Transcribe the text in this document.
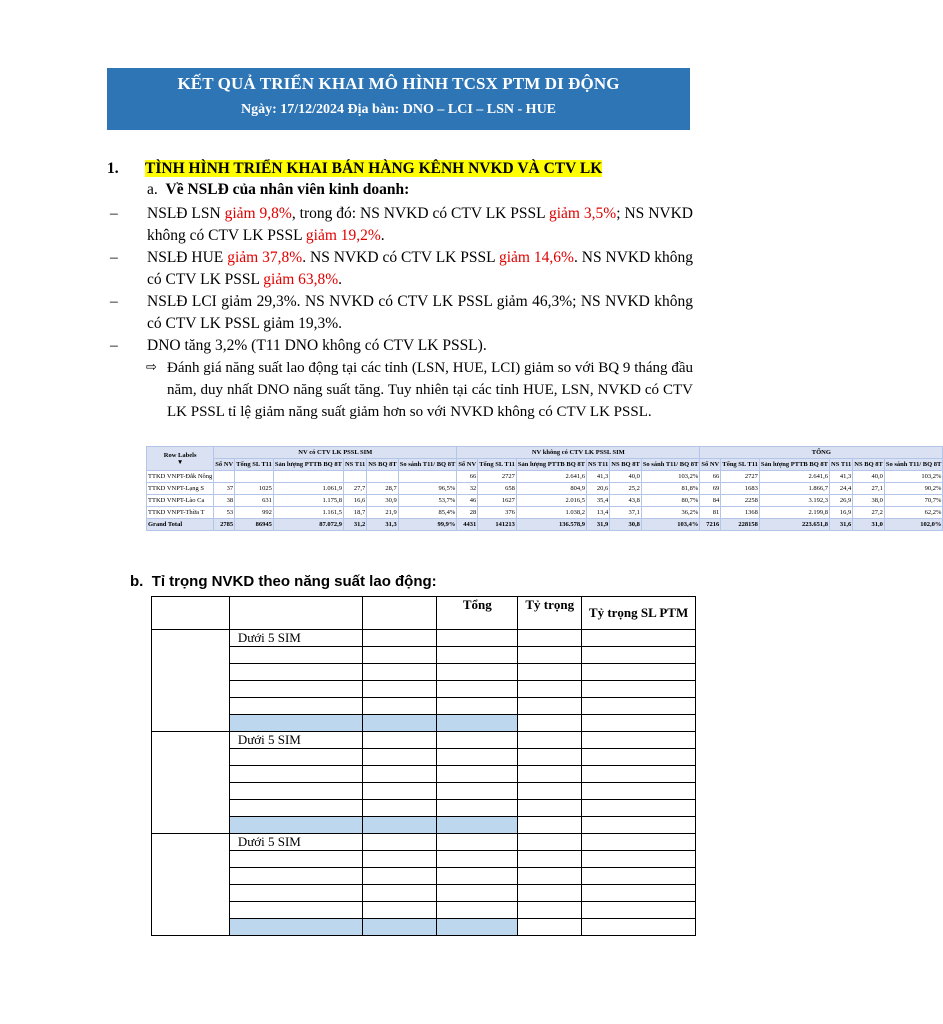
KẾT QUẢ TRIỂN KHAI MÔ HÌNH TCSX PTM DI ĐỘNG
Ngày: 17/12/2024 Địa bàn: DNO – LCI – LSN - HUE
1. TÌNH HÌNH TRIỂN KHAI BÁN HÀNG KÊNH NVKD VÀ CTV LK
a. Về NSLĐ của nhân viên kinh doanh:
– NSLĐ LSN giảm 9,8%, trong đó: NS NVKD có CTV LK PSSL giảm 3,5%; NS NVKD không có CTV LK PSSL giảm 19,2%.
– NSLĐ HUE giảm 37,8%. NS NVKD có CTV LK PSSL giảm 14,6%. NS NVKD không có CTV LK PSSL giảm 63,8%.
– NSLĐ LCI giảm 29,3%. NS NVKD có CTV LK PSSL giảm 46,3%; NS NVKD không có CTV LK PSSL giảm 19,3%.
– DNO tăng 3,2% (T11 DNO không có CTV LK PSSL).
⇨ Đánh giá năng suất lao động tại các tỉnh (LSN, HUE, LCI) giảm so với BQ 9 tháng đầu năm, duy nhất DNO năng suất tăng. Tuy nhiên tại các tỉnh HUE, LSN, NVKD có CTV LK PSSL tỉ lệ giảm năng suất giảm hơn so với NVKD không có CTV LK PSSL.
Row Labels
▼	NV có CTV LK PSSL SIM						NV không có CTV LK PSSL SIM						TỔNG					
	Số NV	Tổng SL T11	Sản lượng PTTB BQ 8T	NS T11	NS BQ 8T	So sánh T11/ BQ 8T	Số NV	Tổng SL T11	Sản lượng PTTB BQ 8T	NS T11	NS BQ 8T	So sánh T11/ BQ 8T	Số NV	Tổng SL T11	Sản lượng PTTB BQ 8T	NS T11	NS BQ 8T	So sánh T11/ BQ 8T
TTKD VNPT-Đắk Nông							66	2727	2.641,6	41,3	40,0	103,2%	66	2727	2.641,6	41,3	40,0	103,2%
TTKD VNPT-Lạng S	37	1025	1.061,9	27,7	28,7	96,5%	32	658	804,9	20,6	25,2	81,8%	69	1683	1.866,7	24,4	27,1	90,2%
TTKD VNPT-Lào Ca	38	631	1.175,8	16,6	30,9	53,7%	46	1627	2.016,5	35,4	43,8	80,7%	84	2258	3.192,3	26,9	38,0	70,7%
TTKD VNPT-Thừa T	53	992	1.161,5	18,7	21,9	85,4%	28	376	1.038,2	13,4	37,1	36,2%	81	1368	2.199,8	16,9	27,2	62,2%
Grand Total	2785	86945	87.072,9	31,2	31,3	99,9%	4431	141213	136.578,9	31,9	30,8	103,4%	7216	228158	223.651,8	31,6	31,0	102,0%
b. Tỉ trọng NVKD theo năng suất lao động:
			Tổng	Tỷ trọng	Tỷ trọng SL PTM
	Dưới 5 SIM				

	Dưới 5 SIM				

	Dưới 5 SIM				
